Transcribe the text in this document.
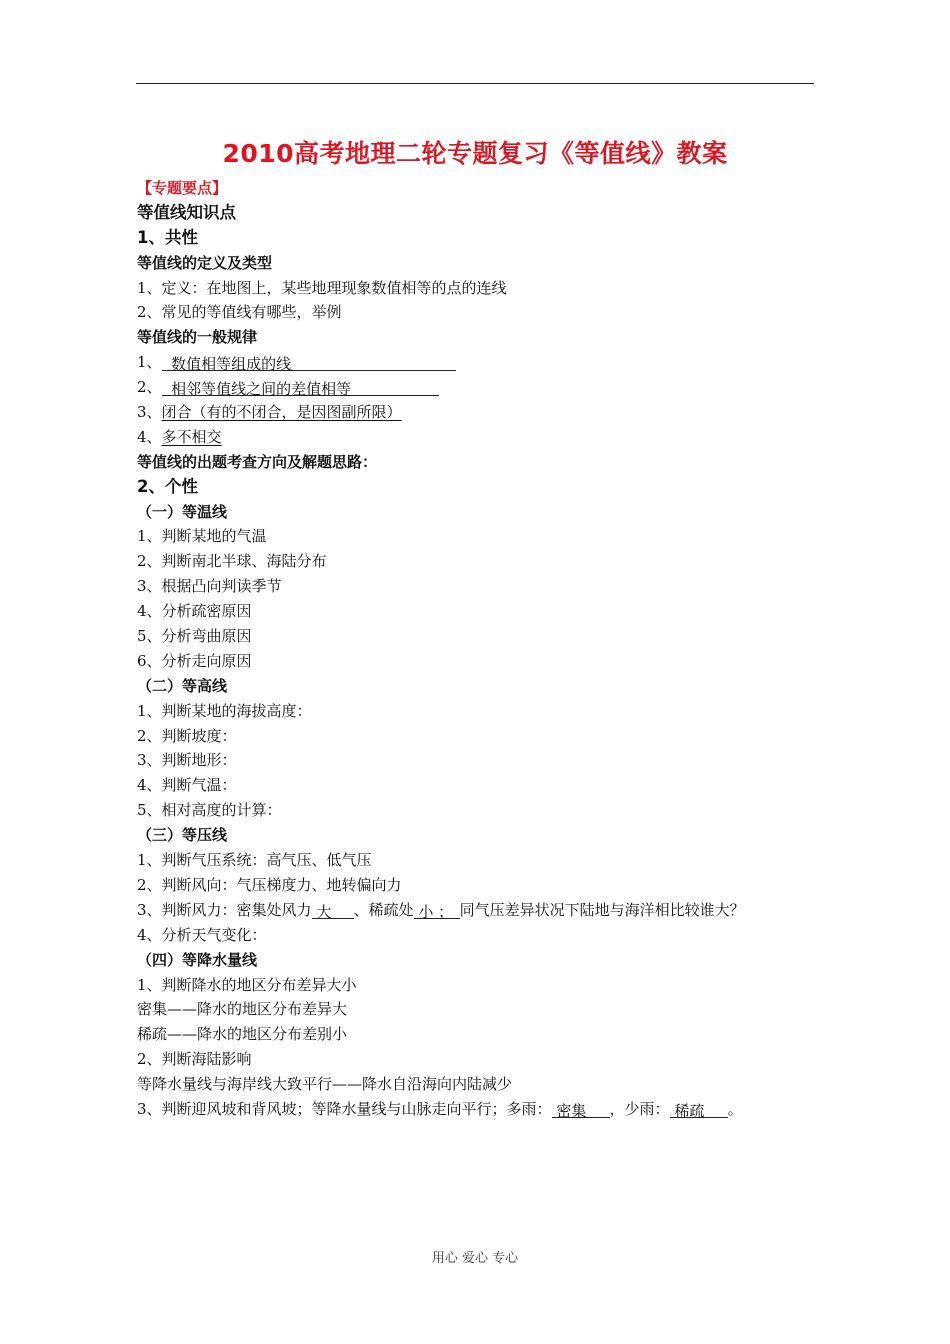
2010高考地理二轮专题复习《等值线》教案
【专题要点】
等值线知识点
1、共性
等值线的定义及类型
1、定义：在地图上，某些地理现象数值相等的点的连线
2、常见的等值线有哪些，举例
等值线的一般规律
1、 数值相等组成的线
2、 相邻等值线之间的差值相等
3、闭合（有的不闭合，是因图副所限）
4、多不相交
等值线的出题考查方向及解题思路：
2、个性
（一）等温线
1、判断某地的气温
2、判断南北半球、海陆分布
3、根据凸向判读季节
4、分析疏密原因
5、分析弯曲原因
6、分析走向原因
（二）等高线
1、判断某地的海拔高度：
2、判断坡度：
3、判断地形：
4、判断气温：
5、相对高度的计算：
（三）等压线
1、判断气压系统：高气压、低气压
2、判断风向：气压梯度力、地转偏向力
3、判断风力：密集处风力 大 、稀疏处 小 ； 同气压差异状况下陆地与海洋相比较谁大？
4、分析天气变化：
（四）等降水量线
1、判断降水的地区分布差异大小
密集——降水的地区分布差异大
稀疏——降水的地区分布差别小
2、判断海陆影响
等降水量线与海岸线大致平行——降水自沿海向内陆减少
3、判断迎风坡和背风坡；等降水量线与山脉走向平行；多雨： 密集 ，少雨： 稀疏 。
用心 爱心 专心
